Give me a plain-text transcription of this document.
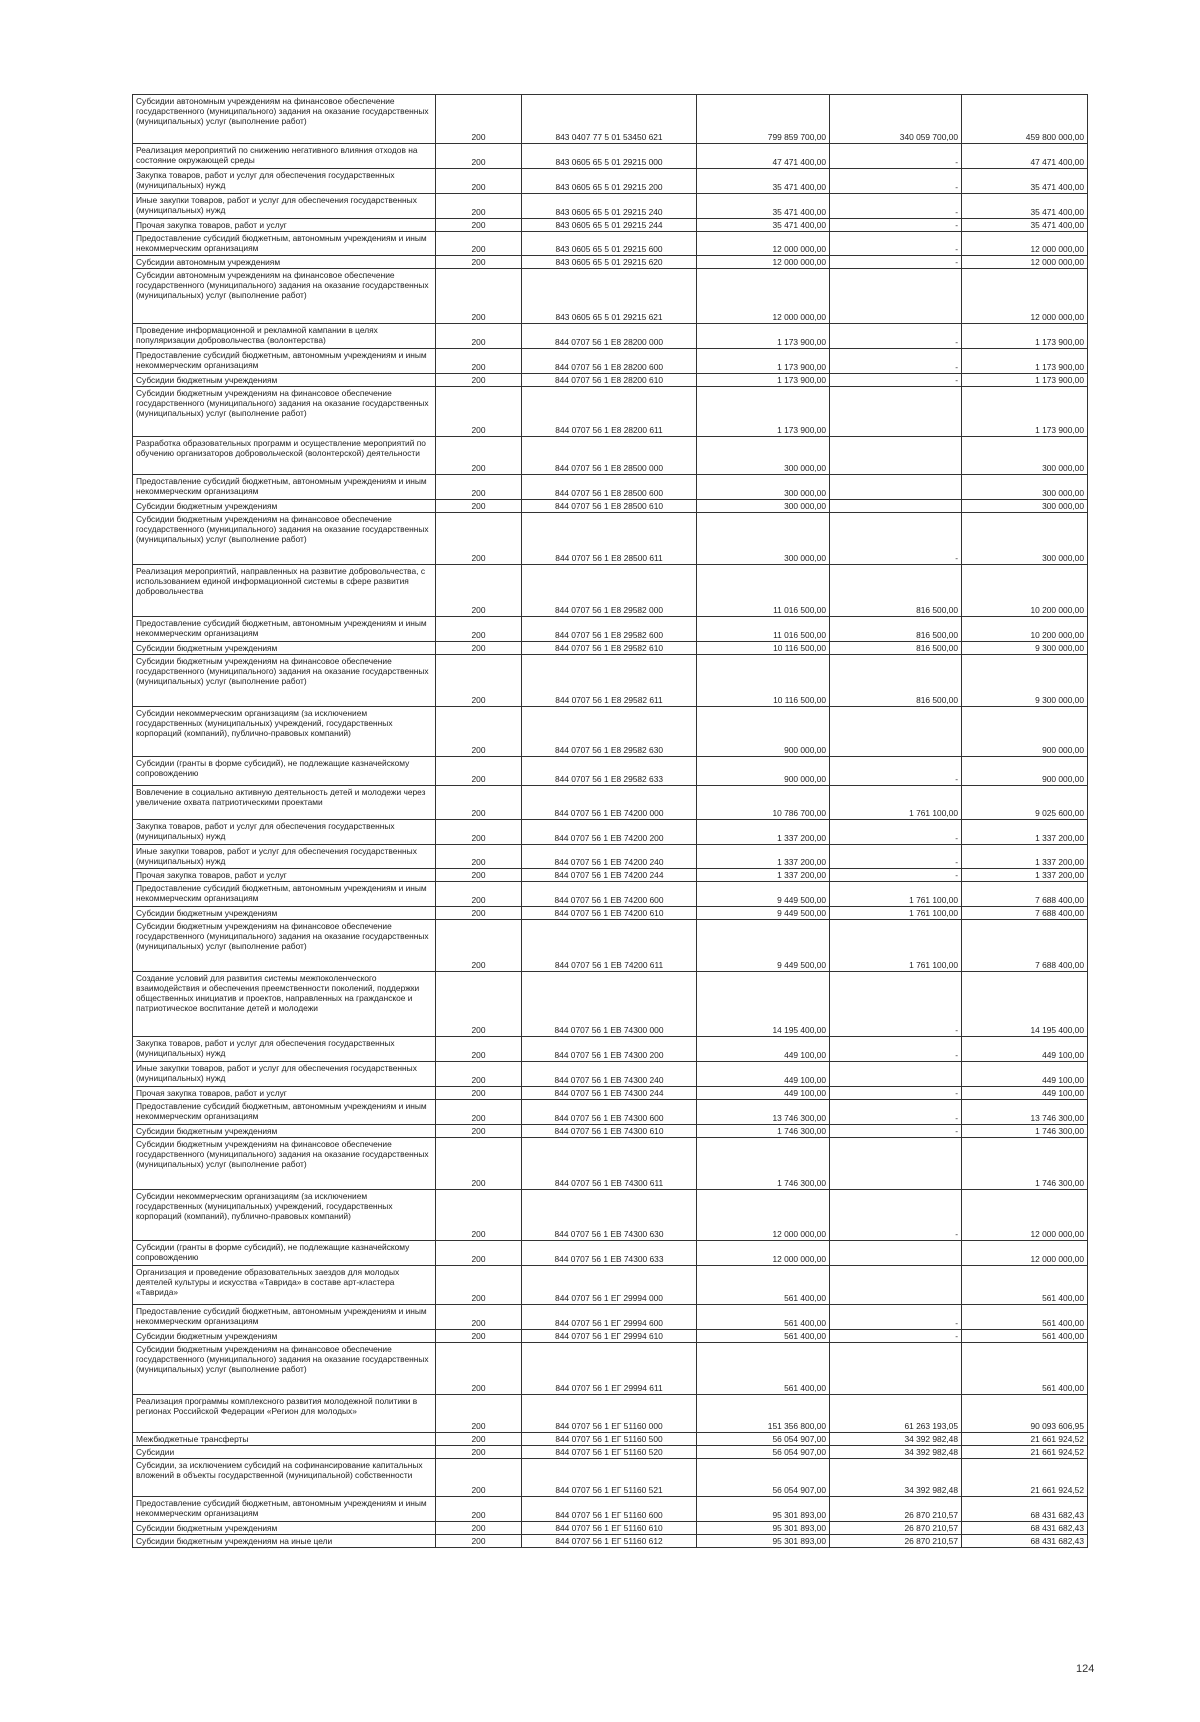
Субсидии автономным учреждениям на финансовое обеспечение государственного (муниципального) задания на оказание государственных (муниципальных) услуг (выполнение работ)	200	843 0407 77 5 01 53450 621	799 859 700,00	340 059 700,00	459 800 000,00
Реализация мероприятий по снижению негативного влияния отходов на состояние окружающей среды	200	843 0605 65 5 01 29215 000	47 471 400,00	-	47 471 400,00
Закупка товаров, работ и услуг для обеспечения государственных (муниципальных) нужд	200	843 0605 65 5 01 29215 200	35 471 400,00	-	35 471 400,00
Иные закупки товаров, работ и услуг для обеспечения государственных (муниципальных) нужд	200	843 0605 65 5 01 29215 240	35 471 400,00	-	35 471 400,00
Прочая закупка товаров, работ и услуг	200	843 0605 65 5 01 29215 244	35 471 400,00	-	35 471 400,00
Предоставление субсидий бюджетным, автономным учреждениям и иным некоммерческим организациям	200	843 0605 65 5 01 29215 600	12 000 000,00	-	12 000 000,00
Субсидии автономным учреждениям	200	843 0605 65 5 01 29215 620	12 000 000,00	-	12 000 000,00
Субсидии автономным учреждениям на финансовое обеспечение государственного (муниципального) задания на оказание государственных (муниципальных) услуг (выполнение работ)	200	843 0605 65 5 01 29215 621	12 000 000,00		12 000 000,00
Проведение информационной и рекламной кампании в целях популяризации добровольчества (волонтерства)	200	844 0707 56 1 E8 28200 000	1 173 900,00	-	1 173 900,00
Предоставление субсидий бюджетным, автономным учреждениям и иным некоммерческим организациям	200	844 0707 56 1 E8 28200 600	1 173 900,00	-	1 173 900,00
Субсидии бюджетным учреждениям	200	844 0707 56 1 E8 28200 610	1 173 900,00	-	1 173 900,00
Субсидии бюджетным учреждениям на финансовое обеспечение государственного (муниципального) задания на оказание государственных (муниципальных) услуг (выполнение работ)	200	844 0707 56 1 E8 28200 611	1 173 900,00		1 173 900,00
Разработка образовательных программ и осуществление мероприятий по обучению организаторов добровольческой (волонтерской) деятельности	200	844 0707 56 1 E8 28500 000	300 000,00		300 000,00
Предоставление субсидий бюджетным, автономным учреждениям и иным некоммерческим организациям	200	844 0707 56 1 E8 28500 600	300 000,00		300 000,00
Субсидии бюджетным учреждениям	200	844 0707 56 1 E8 28500 610	300 000,00		300 000,00
Субсидии бюджетным учреждениям на финансовое обеспечение государственного (муниципального) задания на оказание государственных (муниципальных) услуг (выполнение работ)	200	844 0707 56 1 E8 28500 611	300 000,00	-	300 000,00
Реализация мероприятий, направленных на развитие добровольчества, с использованием единой информационной системы в сфере развития добровольчества	200	844 0707 56 1 E8 29582 000	11 016 500,00	816 500,00	10 200 000,00
Предоставление субсидий бюджетным, автономным учреждениям и иным некоммерческим организациям	200	844 0707 56 1 E8 29582 600	11 016 500,00	816 500,00	10 200 000,00
Субсидии бюджетным учреждениям	200	844 0707 56 1 E8 29582 610	10 116 500,00	816 500,00	9 300 000,00
Субсидии бюджетным учреждениям на финансовое обеспечение государственного (муниципального) задания на оказание государственных (муниципальных) услуг (выполнение работ)	200	844 0707 56 1 E8 29582 611	10 116 500,00	816 500,00	9 300 000,00
Субсидии некоммерческим организациям (за исключением государственных (муниципальных) учреждений, государственных корпораций (компаний), публично-правовых компаний)	200	844 0707 56 1 E8 29582 630	900 000,00		900 000,00
Субсидии (гранты в форме субсидий), не подлежащие казначейскому сопровождению	200	844 0707 56 1 E8 29582 633	900 000,00	-	900 000,00
Вовлечение в социально активную деятельность детей и молодежи через увеличение охвата патриотическими проектами	200	844 0707 56 1 EB 74200 000	10 786 700,00	1 761 100,00	9 025 600,00
Закупка товаров, работ и услуг для обеспечения государственных (муниципальных) нужд	200	844 0707 56 1 EB 74200 200	1 337 200,00	-	1 337 200,00
Иные закупки товаров, работ и услуг для обеспечения государственных (муниципальных) нужд	200	844 0707 56 1 EB 74200 240	1 337 200,00	-	1 337 200,00
Прочая закупка товаров, работ и услуг	200	844 0707 56 1 EB 74200 244	1 337 200,00	-	1 337 200,00
Предоставление субсидий бюджетным, автономным учреждениям и иным некоммерческим организациям	200	844 0707 56 1 EB 74200 600	9 449 500,00	1 761 100,00	7 688 400,00
Субсидии бюджетным учреждениям	200	844 0707 56 1 EB 74200 610	9 449 500,00	1 761 100,00	7 688 400,00
Субсидии бюджетным учреждениям на финансовое обеспечение государственного (муниципального) задания на оказание государственных (муниципальных) услуг (выполнение работ)	200	844 0707 56 1 EB 74200 611	9 449 500,00	1 761 100,00	7 688 400,00
Создание условий для развития системы межпоколенческого взаимодействия и обеспечения преемственности поколений, поддержки общественных инициатив и проектов, направленных на гражданское и патриотическое воспитание детей и молодежи	200	844 0707 56 1 EB 74300 000	14 195 400,00	-	14 195 400,00
Закупка товаров, работ и услуг для обеспечения государственных (муниципальных) нужд	200	844 0707 56 1 EB 74300 200	449 100,00	-	449 100,00
Иные закупки товаров, работ и услуг для обеспечения государственных (муниципальных) нужд	200	844 0707 56 1 EB 74300 240	449 100,00		449 100,00
Прочая закупка товаров, работ и услуг	200	844 0707 56 1 EB 74300 244	449 100,00	-	449 100,00
Предоставление субсидий бюджетным, автономным учреждениям и иным некоммерческим организациям	200	844 0707 56 1 EB 74300 600	13 746 300,00	-	13 746 300,00
Субсидии бюджетным учреждениям	200	844 0707 56 1 EB 74300 610	1 746 300,00	-	1 746 300,00
Субсидии бюджетным учреждениям на финансовое обеспечение государственного (муниципального) задания на оказание государственных (муниципальных) услуг (выполнение работ)	200	844 0707 56 1 EB 74300 611	1 746 300,00		1 746 300,00
Субсидии некоммерческим организациям (за исключением государственных (муниципальных) учреждений, государственных корпораций (компаний), публично-правовых компаний)	200	844 0707 56 1 EB 74300 630	12 000 000,00	-	12 000 000,00
Субсидии (гранты в форме субсидий), не подлежащие казначейскому сопровождению	200	844 0707 56 1 EB 74300 633	12 000 000,00		12 000 000,00
Организация и проведение образовательных заездов для молодых деятелей культуры и искусства «Таврида» в составе арт-кластера «Таврида»	200	844 0707 56 1 EГ 29994 000	561 400,00		561 400,00
Предоставление субсидий бюджетным, автономным учреждениям и иным некоммерческим организациям	200	844 0707 56 1 EГ 29994 600	561 400,00	-	561 400,00
Субсидии бюджетным учреждениям	200	844 0707 56 1 EГ 29994 610	561 400,00	-	561 400,00
Субсидии бюджетным учреждениям на финансовое обеспечение государственного (муниципального) задания на оказание государственных (муниципальных) услуг (выполнение работ)	200	844 0707 56 1 EГ 29994 611	561 400,00		561 400,00
Реализация программы комплексного развития молодежной политики в регионах Российской Федерации «Регион для молодых»	200	844 0707 56 1 EГ 51160 000	151 356 800,00	61 263 193,05	90 093 606,95
Межбюджетные трансферты	200	844 0707 56 1 EГ 51160 500	56 054 907,00	34 392 982,48	21 661 924,52
Субсидии	200	844 0707 56 1 EГ 51160 520	56 054 907,00	34 392 982,48	21 661 924,52
Субсидии, за исключением субсидий на софинансирование капитальных вложений в объекты государственной (муниципальной) собственности	200	844 0707 56 1 EГ 51160 521	56 054 907,00	34 392 982,48	21 661 924,52
Предоставление субсидий бюджетным, автономным учреждениям и иным некоммерческим организациям	200	844 0707 56 1 EГ 51160 600	95 301 893,00	26 870 210,57	68 431 682,43
Субсидии бюджетным учреждениям	200	844 0707 56 1 EГ 51160 610	95 301 893,00	26 870 210,57	68 431 682,43
Субсидии бюджетным учреждениям на иные цели	200	844 0707 56 1 EГ 51160 612	95 301 893,00	26 870 210,57	68 431 682,43
124
